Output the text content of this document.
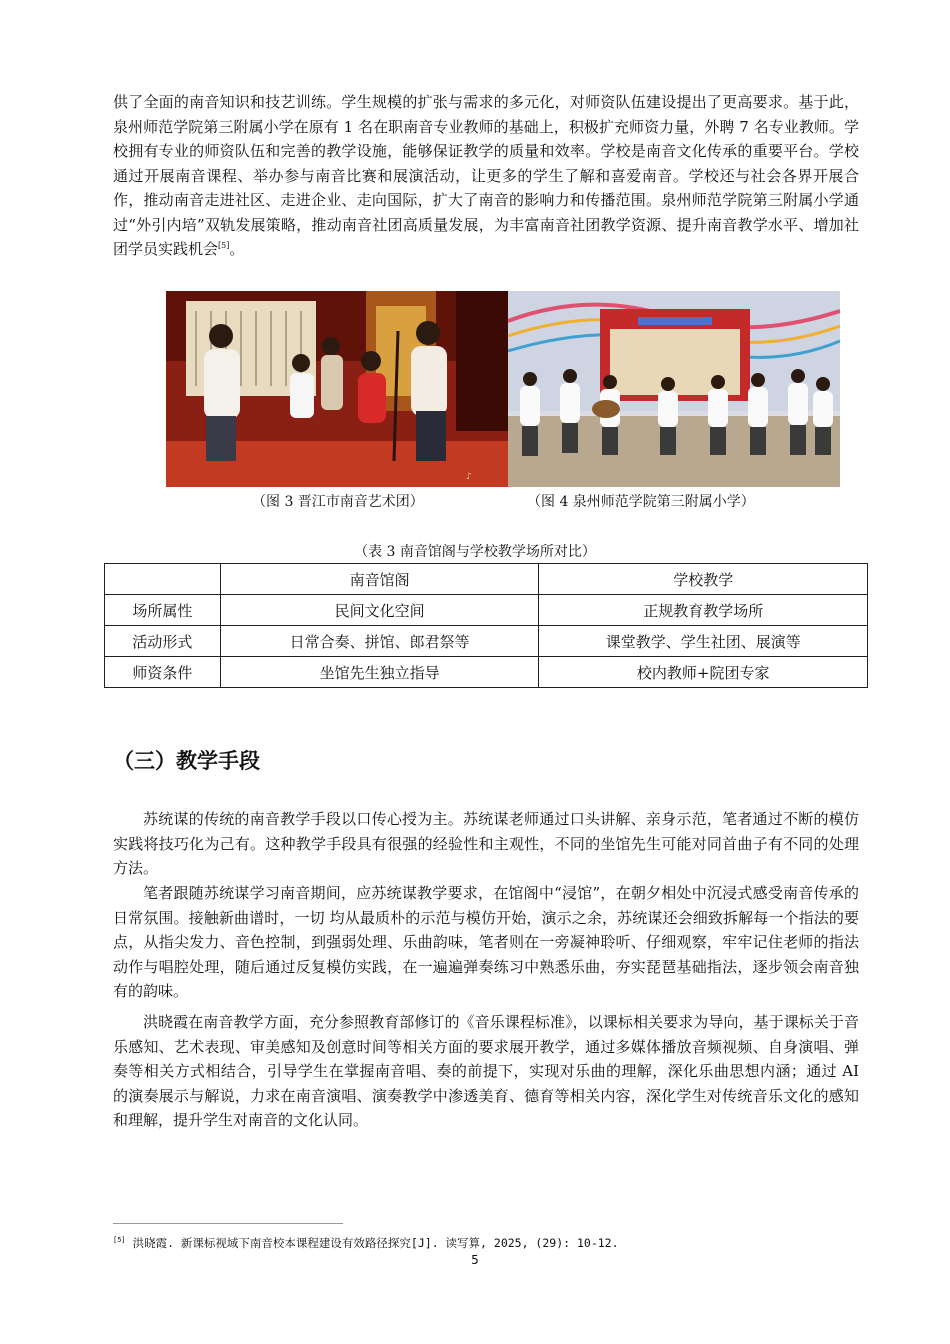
供了全面的南音知识和技艺训练。学生规模的扩张与需求的多元化，对师资队伍建设提出了更高要求。基于此，泉州师范学院第三附属小学在原有 1 名在职南音专业教师的基础上，积极扩充师资力量，外聘 7 名专业教师。学校拥有专业的师资队伍和完善的教学设施，能够保证教学的质量和效率。学校是南音文化传承的重要平台。学校通过开展南音课程、举办参与南音比赛和展演活动，让更多的学生了解和喜爱南音。学校还与社会各界开展合作，推动南音走进社区、走进企业、走向国际，扩大了南音的影响力和传播范围。泉州师范学院第三附属小学通过“外引内培”双轨发展策略，推动南音社团高质量发展，为丰富南音社团教学资源、提升南音教学水平、增加社团学员实践机会[5]。

♪
（图 3 晋江市南音艺术团）	（图 4 泉州师范学院第三附属小学）
（表 3 南音馆阁与学校教学场所对比）
	南音馆阁	学校教学
场所属性	民间文化空间	正规教育教学场所
活动形式	日常合奏、拼馆、郎君祭等	课堂教学、学生社团、展演等
师资条件	坐馆先生独立指导	校内教师+院团专家
（三）教学手段

苏统谋的传统的南音教学手段以口传心授为主。苏统谋老师通过口头讲解、亲身示范，笔者通过不断的模仿实践将技巧化为己有。这种教学手段具有很强的经验性和主观性，不同的坐馆先生可能对同首曲子有不同的处理方法。

笔者跟随苏统谋学习南音期间，应苏统谋教学要求，在馆阁中“浸馆”，在朝夕相处中沉浸式感受南音传承的日常氛围。接触新曲谱时，一切 均从最质朴的示范与模仿开始，演示之余，苏统谋还会细致拆解每一个指法的要点，从指尖发力、音色控制，到强弱处理、乐曲韵味，笔者则在一旁凝神聆听、仔细观察，牢牢记住老师的指法动作与唱腔处理，随后通过反复模仿实践，在一遍遍弹奏练习中熟悉乐曲，夯实琵琶基础指法，逐步领会南音独有的韵味。

洪晓霞在南音教学方面，充分参照教育部修订的《音乐课程标准》，以课标相关要求为导向，基于课标关于音乐感知、艺术表现、审美感知及创意时间等相关方面的要求展开教学，通过多媒体播放音频视频、自身演唱、弹奏等相关方式相结合，引导学生在掌握南音唱、奏的前提下，实现对乐曲的理解，深化乐曲思想内涵；通过 AI 的演奏展示与解说，力求在南音演唱、演奏教学中渗透美育、德育等相关内容，深化学生对传统音乐文化的感知和理解，提升学生对南音的文化认同。

[5] 洪晓霞. 新课标视域下南音校本课程建设有效路径探究[J]. 读写算, 2025, (29): 10-12.
5
